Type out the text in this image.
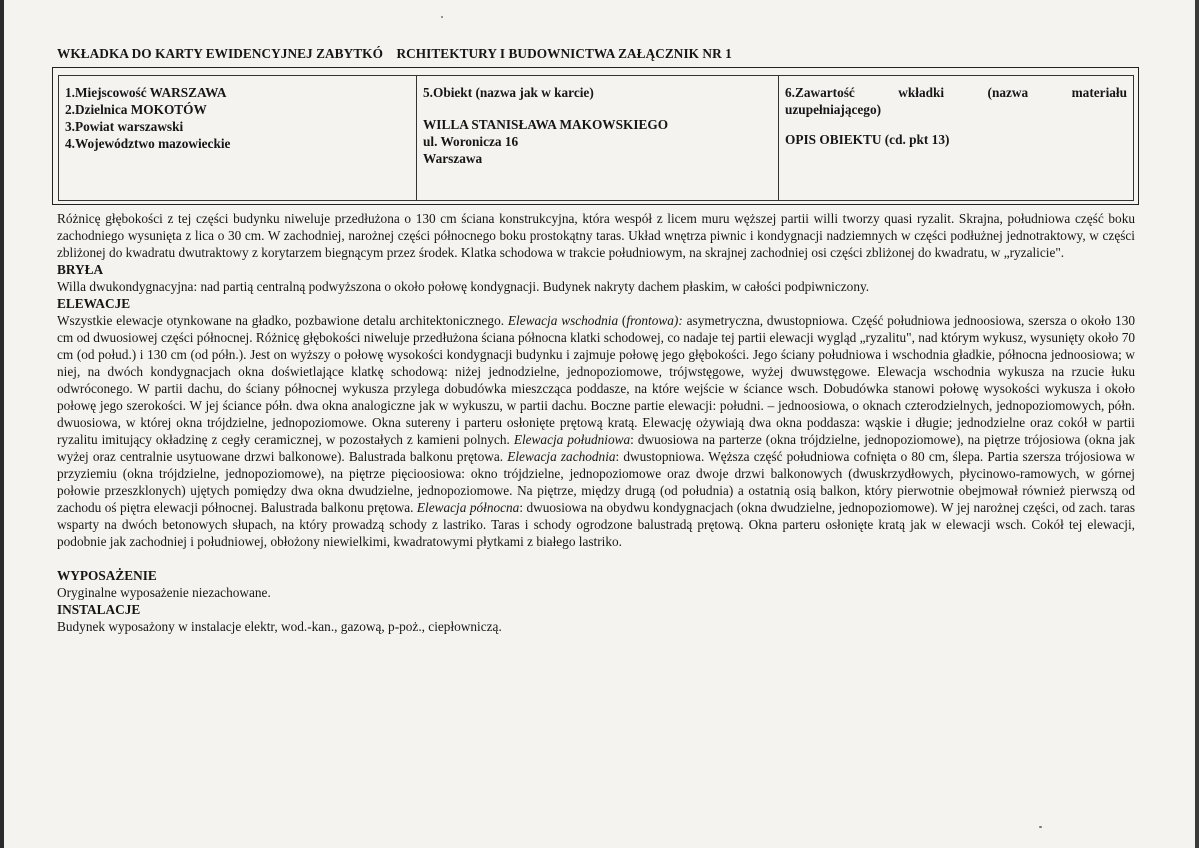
WKŁADKA DO KARTY EWIDENCYJNEJ ZABYTKÓ    RCHITEKTURY I BUDOWNICTWA ZAŁĄCZNIK NR 1
1.Miejscowość WARSZAWA
2.Dzielnica MOKOTÓW
3.Powiat warszawski
4.Województwo mazowieckie
5.Obiekt (nazwa jak w karcie)
WILLA STANISŁAWA MAKOWSKIEGO
ul. Woronicza 16
Warszawa
6.Zawartość	wkładki	(nazwa	materiału
uzupełniającego)
OPIS OBIEKTU (cd. pkt 13)

Różnicę głębokości z tej części budynku niweluje przedłużona o 130 cm ściana konstrukcyjna, która wespół z licem muru węższej partii willi tworzy quasi ryzalit. Skrajna, południowa część boku zachodniego wysunięta z lica o 30 cm. W zachodniej, narożnej części północnego boku prostokątny taras. Układ wnętrza piwnic i kondygnacji nadziemnych w części podłużnej jednotraktowy, w części zbliżonej do kwadratu dwutraktowy z korytarzem biegnącym przez środek. Klatka schodowa w trakcie południowym, na skrajnej zachodniej osi części zbliżonej do kwadratu, w „ryzalicie".

BRYŁA

Willa dwukondygnacyjna: nad partią centralną podwyższona o około połowę kondygnacji. Budynek nakryty dachem płaskim, w całości podpiwniczony.

ELEWACJE

Wszystkie elewacje otynkowane na gładko, pozbawione detalu architektonicznego. Elewacja wschodnia (frontowa): asymetryczna, dwustopniowa. Część południowa jednoosiowa, szersza o około 130 cm od dwuosiowej części północnej. Różnicę głębokości niweluje przedłużona ściana północna klatki schodowej, co nadaje tej partii elewacji wygląd „ryzalitu", nad którym wykusz, wysunięty około 70 cm (od połud.) i 130 cm (od półn.). Jest on wyższy o połowę wysokości kondygnacji budynku i zajmuje połowę jego głębokości. Jego ściany południowa i wschodnia gładkie, północna jednoosiowa; w niej, na dwóch kondygnacjach okna doświetlające klatkę schodową: niżej jednodzielne, jednopoziomowe, trójwstęgowe, wyżej dwuwstęgowe. Elewacja wschodnia wykusza na rzucie łuku odwróconego. W partii dachu, do ściany północnej wykusza przylega dobudówka mieszcząca poddasze, na które wejście w ściance wsch. Dobudówka stanowi połowę wysokości wykusza i około połowę jego szerokości. W jej ściance półn. dwa okna analogiczne jak w wykuszu, w partii dachu. Boczne partie elewacji: południ. – jednoosiowa, o oknach czterodzielnych, jednopoziomowych, półn. dwuosiowa, w której okna trójdzielne, jednopoziomowe. Okna sutereny i parteru osłonięte prętową kratą. Elewację ożywiają dwa okna poddasza: wąskie i długie; jednodzielne oraz cokół w partii ryzalitu imitujący okładzinę z cegły ceramicznej, w pozostałych z kamieni polnych. Elewacja południowa: dwuosiowa na parterze (okna trójdzielne, jednopoziomowe), na piętrze trójosiowa (okna jak wyżej oraz centralnie usytuowane drzwi balkonowe). Balustrada balkonu prętowa. Elewacja zachodnia: dwustopniowa. Węższa część południowa cofnięta o 80 cm, ślepa. Partia szersza trójosiowa w przyziemiu (okna trójdzielne, jednopoziomowe), na piętrze pięcioosiowa: okno trójdzielne, jednopoziomowe oraz dwoje drzwi balkonowych (dwuskrzydłowych, płycinowo-ramowych, w górnej połowie przeszklonych) ujętych pomiędzy dwa okna dwudzielne, jednopoziomowe. Na piętrze, między drugą (od południa) a ostatnią osią balkon, który pierwotnie obejmował również pierwszą od zachodu oś piętra elewacji północnej. Balustrada balkonu prętowa. Elewacja północna: dwuosiowa na obydwu kondygnacjach (okna dwudzielne, jednopoziomowe). W jej narożnej części, od zach. taras wsparty na dwóch betonowych słupach, na który prowadzą schody z lastriko. Taras i schody ogrodzone balustradą prętową. Okna parteru osłonięte kratą jak w elewacji wsch. Cokół tej elewacji, podobnie jak zachodniej i południowej, obłożony niewielkimi, kwadratowymi płytkami z białego lastriko.

WYPOSAŻENIE

Oryginalne wyposażenie niezachowane.

INSTALACJE

Budynek wyposażony w instalacje elektr, wod.-kan., gazową, p-poż., ciepłowniczą.
